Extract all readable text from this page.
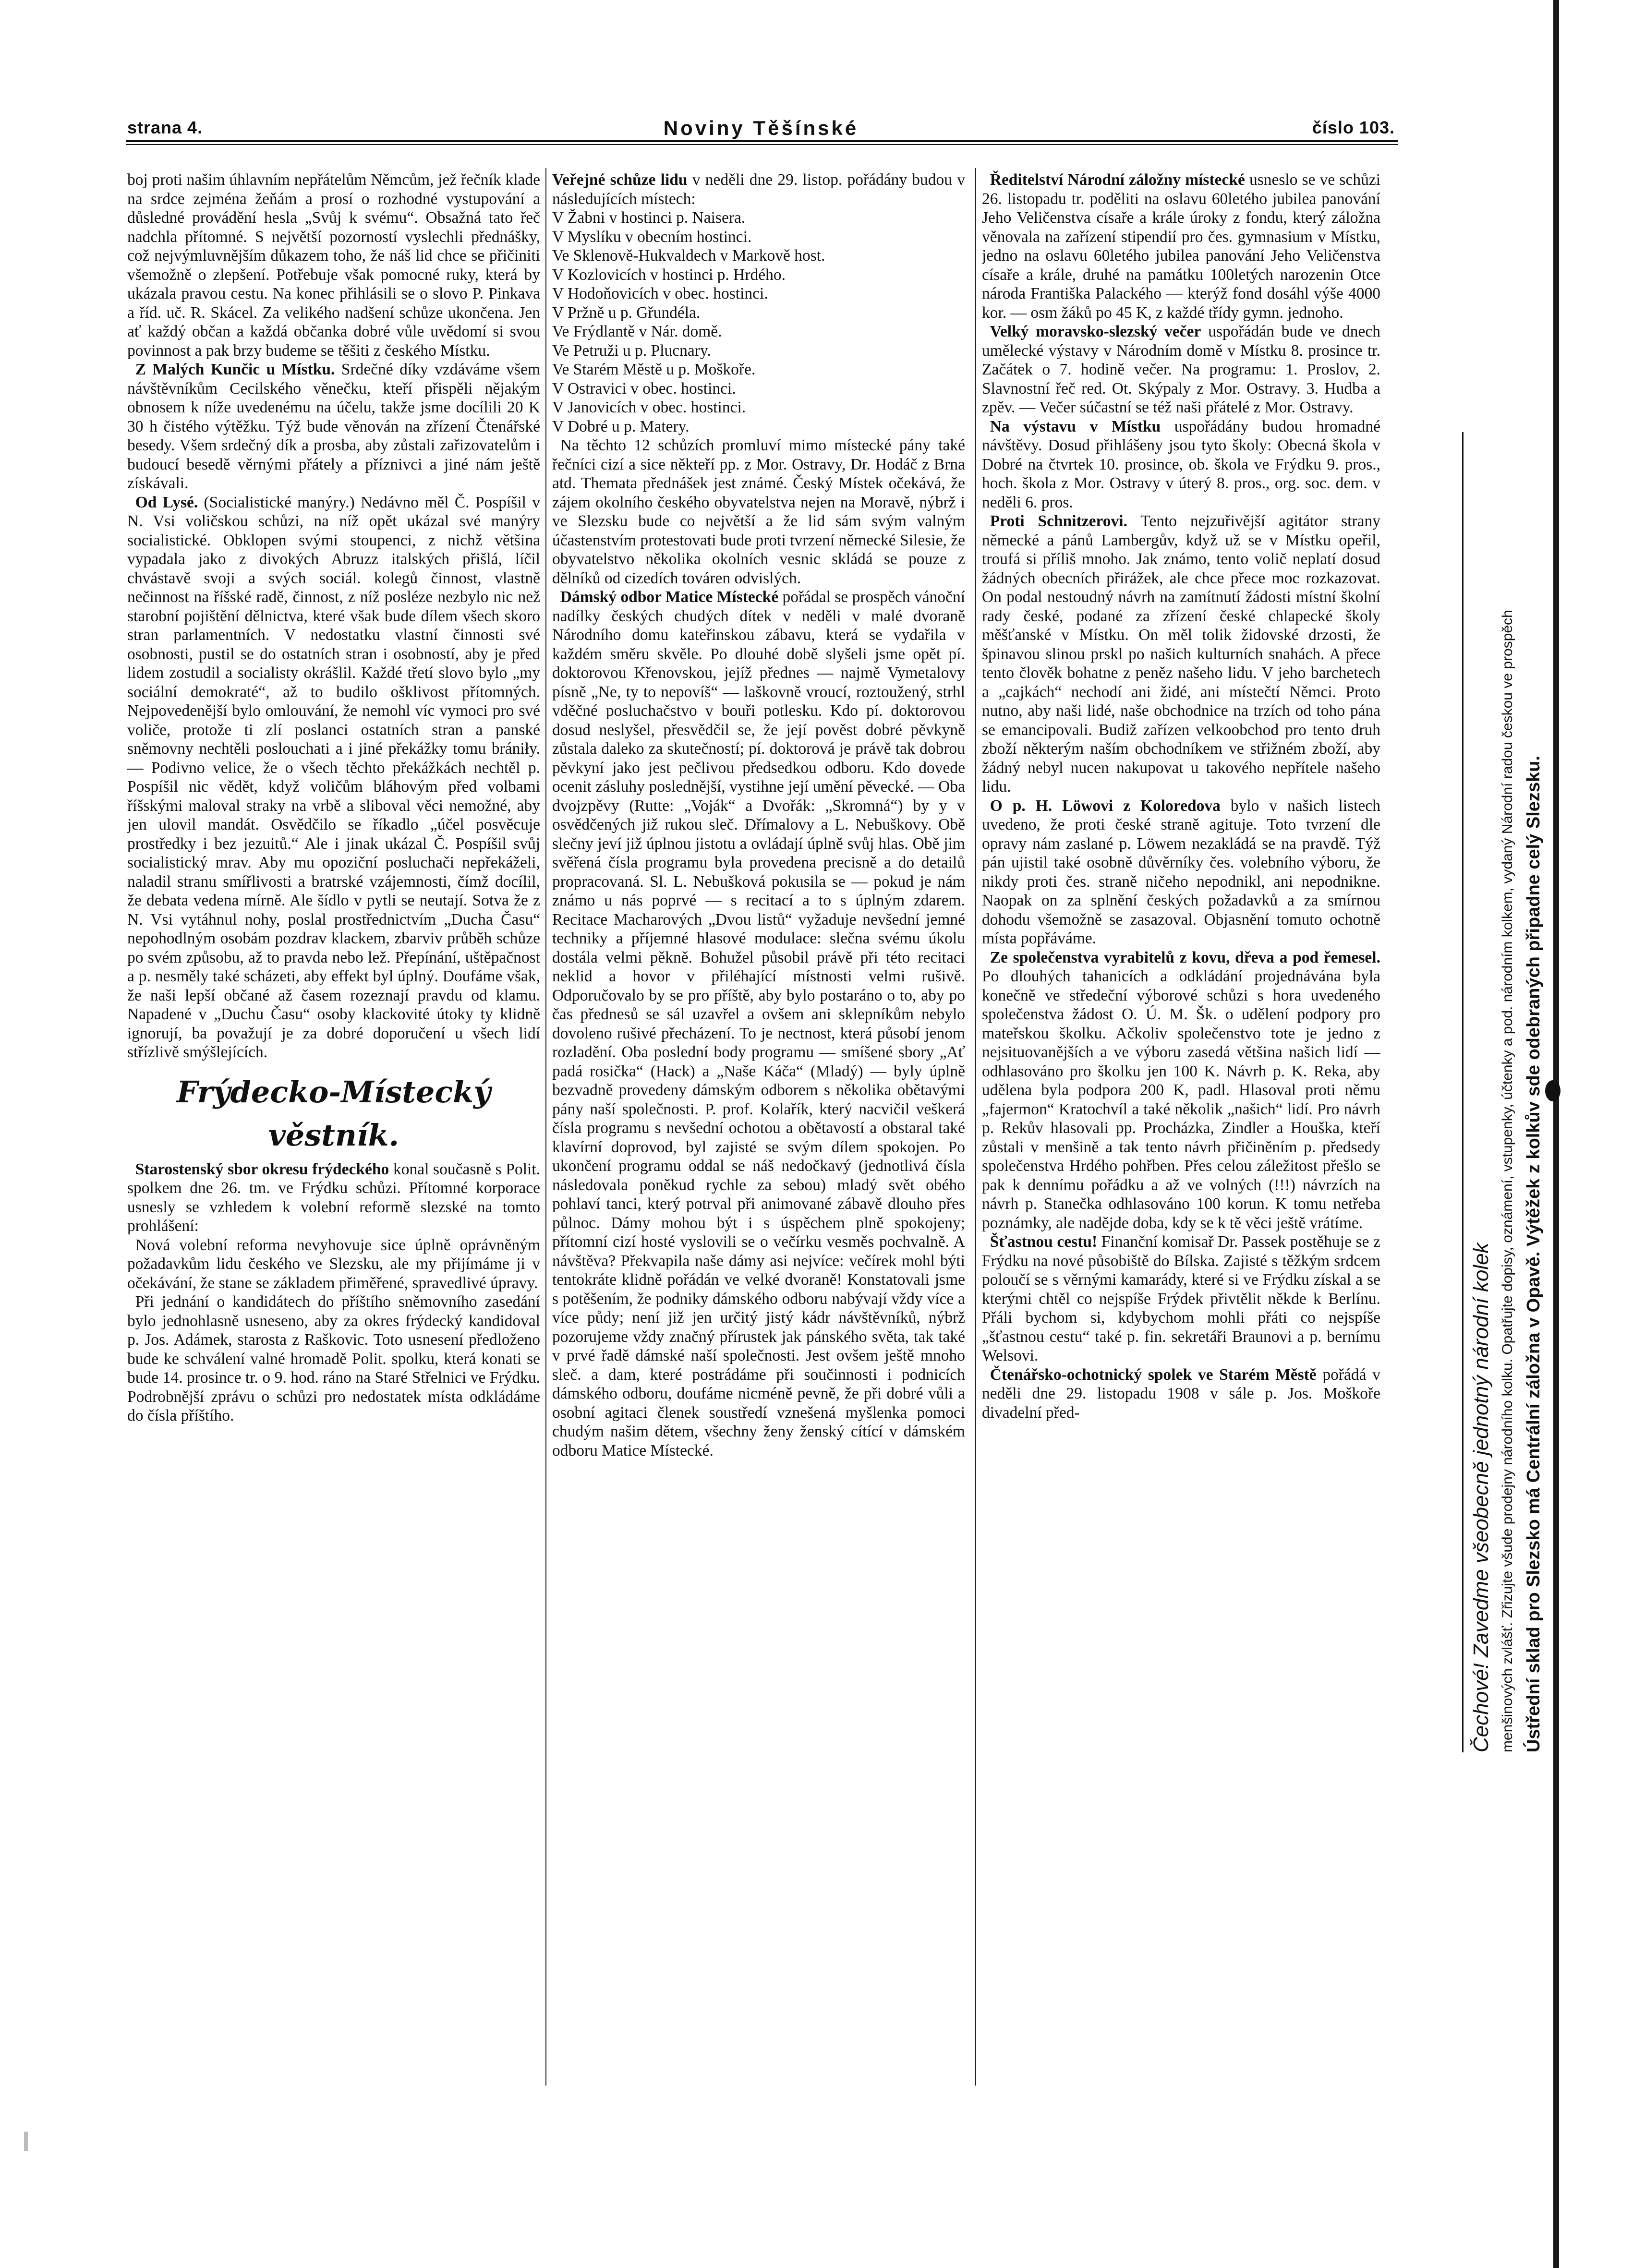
strana 4.	Noviny Těšínské	číslo 103.

boj proti našim úhlavním nepřátelům Němcům, jež řečník klade na srdce zejména žeňám a prosí o rozhodné vystupování a důsledné provádění hesla „Svůj k svému“. Obsažná tato řeč nadchla přítomné. S největší pozorností vyslechli přednášky, což nejvýmluvnějším důkazem toho, že náš lid chce se přičiniti všemožně o zlepšení. Potřebuje však pomocné ruky, která by ukázala pravou cestu. Na konec přihlásili se o slovo P. Pinkava a říd. uč. R. Skácel. Za velikého nadšení schůze ukončena. Jen ať každý občan a každá občanka dobré vůle uvědomí si svou povinnost a pak brzy budeme se těšiti z českého Místku.

Z Malých Kunčic u Místku. Srdečné díky vzdáváme všem návštěvníkům Cecilského věnečku, kteří přispěli nějakým obnosem k níže uvedenému na účelu, takže jsme docílili 20 K 30 h čistého výtěžku. Týž bude věnován na zřízení Čtenářské besedy. Všem srdečný dík a prosba, aby zůstali zařizovatelům i budoucí besedě věrnými přátely a příznivci a jiné nám ještě získávali.

Od Lysé. (Socialistické manýry.) Nedávno měl Č. Pospíšil v N. Vsi voličskou schůzi, na níž opět ukázal své manýry socialistické. Obklopen svými stoupenci, z nichž většina vypadala jako z divokých Abruzz italských přišlá, líčil chvástavě svoji a svých sociál. kolegů činnost, vlastně nečinnost na říšské radě, činnost, z níž posléze nezbylo nic než starobní pojištění dělnictva, které však bude dílem všech skoro stran parlamentních. V nedostatku vlastní činnosti své osobnosti, pustil se do ostatních stran i osobností, aby je před lidem zostudil a socialisty okrášlil. Každé třetí slovo bylo „my sociální demokraté“, až to budilo ošklivost přítomných. Nejpovedenější bylo omlouvání, že nemohl víc vymoci pro své voliče, protože ti zlí poslanci ostatních stran a panské sněmovny nechtěli poslouchati a i jiné překážky tomu brániły. — Podivno velice, že o všech těchto překážkách nechtěl p. Pospíšil nic vědět, když voličům bláhovým před volbami říšskými maloval straky na vrbě a sliboval věci nemožné, aby jen ulovil mandát. Osvědčilo se říkadlo „účel posvěcuje prostředky i bez jezuitů.“ Ale i jinak ukázal Č. Pospíšil svůj socialistický mrav. Aby mu opoziční posluchači nepřekáželi, naladil stranu smířlivosti a bratrské vzájemnosti, čímž docílil, že debata vedena mírně. Ale šídlo v pytli se neutají. Sotva že z N. Vsi vytáhnul nohy, poslal prostřednictvím „Ducha Času“ nepohodlným osobám pozdrav klackem, zbarviv průběh schůze po svém způsobu, až to pravda nebo lež. Přepínání, uštěpačnost a p. nesměly také scházeti, aby effekt byl úplný. Doufáme však, že naši lepší občané až časem rozeznají pravdu od klamu. Napadené v „Duchu Času“ osoby klackovité útoky ty klidně ignorují, ba považují je za dobré doporučení u všech lidí střízlivě smýšlejících.

Frýdecko-Místecký věstník.

Starostenský sbor okresu frýdeckého konal současně s Polit. spolkem dne 26. tm. ve Frýdku schůzi. Přítomné korporace usnesly se vzhledem k volební reformě slezské na tomto prohlášení:

Nová volební reforma nevyhovuje sice úplně oprávněným požadavkům lidu českého ve Slezsku, ale my přijímáme ji v očekávání, že stane se základem přiměřené, spravedlivé úpravy.

Při jednání o kandidátech do příštího sněmovního zasedání bylo jednohlasně usneseno, aby za okres frýdecký kandidoval p. Jos. Adámek, starosta z Raškovic. Toto usnesení předloženo bude ke schválení valné hromadě Polit. spolku, která konati se bude 14. prosince tr. o 9. hod. ráno na Staré Střelnici ve Frýdku. Podrobnější zprávu o schůzi pro nedostatek místa odkládáme do čísla příštího.

Veřejné schůze lidu v neděli dne 29. listop. pořádány budou v následujících místech:

V Žabni v hostinci p. Naisera.

V Myslíku v obecním hostinci.

Ve Sklenově-Hukvaldech v Markově host.

V Kozlovicích v hostinci p. Hrdého.

V Hodoňovicích v obec. hostinci.

V Pržně u p. Gřundéla.

Ve Frýdlantě v Nár. domě.

Ve Petruži u p. Plucnary.

Ve Starém Městě u p. Moškoře.

V Ostravici v obec. hostinci.

V Janovicích v obec. hostinci.

V Dobré u p. Matery.

Na těchto 12 schůzích promluví mimo místecké pány také řečníci cizí a sice někteří pp. z Mor. Ostravy, Dr. Hodáč z Brna atd. Themata přednášek jest známé. Český Místek očekává, že zájem okolního českého obyvatelstva nejen na Moravě, nýbrž i ve Slezsku bude co největší a že lid sám svým valným účastenstvím protestovati bude proti tvrzení německé Silesie, že obyvatelstvo několika okolních vesnic skládá se pouze z dělníků od cizedích továren odvislých.

Dámský odbor Matice Místecké pořádal se prospěch vánoční nadílky českých chudých dítek v neděli v malé dvoraně Národního domu kateřinskou zábavu, která se vydařila v každém směru skvěle. Po dlouhé době slyšeli jsme opět pí. doktorovou Křenovskou, jejíž přednes — najmě Vymetalovy písně „Ne, ty to nepovíš“ — laškovně vroucí, roztoužený, strhl vděčné posluchačstvo v bouři potlesku. Kdo pí. doktorovou dosud neslyšel, přesvědčil se, že její pověst dobré pěvkyně zůstala daleko za skutečností; pí. doktorová je právě tak dobrou pěvkyní jako jest pečlivou předsedkou odboru. Kdo dovede ocenit zásluhy poslednější, vystihne její umění pěvecké. — Oba dvojzpěvy (Rutte: „Voják“ a Dvořák: „Skromná“) by y v osvědčených již rukou sleč. Dřímalovy a L. Nebuškovy. Obě slečny jeví již úplnou jistotu a ovládají úplně svůj hlas. Obě jim svěřená čísla programu byla provedena precisně a do detailů propracovaná. Sl. L. Nebušková pokusila se — pokud je nám známo u nás poprvé — s recitací a to s úplným zdarem. Recitace Macharových „Dvou listů“ vyžaduje nevšední jemné techniky a příjemné hlasové modulace: slečna svému úkolu dostála velmi pěkně. Bohužel působil právě při této recitaci neklid a hovor v přiléhající místnosti velmi rušivě. Odporučovalo by se pro příště, aby bylo postaráno o to, aby po čas přednesů se sál uzavřel a ovšem ani sklepníkům nebylo dovoleno rušivé přecházení. To je nectnost, která působí jenom rozladění. Oba poslední body programu — smíšené sbory „Ať padá rosička“ (Hack) a „Naše Káča“ (Mladý) — byly úplně bezvadně provedeny dámským odborem s několika obětavými pány naší společnosti. P. prof. Kolařík, který nacvičil veškerá čísla programu s nevšední ochotou a obětavostí a obstaral také klavírní doprovod, byl zajisté se svým dílem spokojen. Po ukončení programu oddal se náš nedočkavý (jednotlivá čísla následovala poněkud rychle za sebou) mladý svět obého pohlaví tanci, který potrval při animované zábavě dlouho přes půlnoc. Dámy mohou být i s úspěchem plně spokojeny; přítomní cizí hosté vyslovili se o večírku vesměs pochvalně. A návštěva? Překvapila naše dámy asi nejvíce: večírek mohl býti tentokráte klidně pořádán ve velké dvoraně! Konstatovali jsme s potěšením, že podniky dámského odboru nabývají vždy více a více půdy; není již jen určitý jistý kádr návštěvníků, nýbrž pozorujeme vždy značný přírustek jak pánského světa, tak také v prvé řadě dámské naší společnosti. Jest ovšem ještě mnoho sleč. a dam, které postrádáme při součinnosti i podnicích dámského odboru, doufáme nicméně pevně, že při dobré vůli a osobní agitaci členek soustředí vznešená myšlenka pomoci chudým našim dětem, všechny ženy ženský cítící v dámském odboru Matice Místecké.

Ředitelství Národní záložny místecké usneslo se ve schůzi 26. listopadu tr. poděliti na oslavu 60letého jubilea panování Jeho Veličenstva císaře a krále úroky z fondu, který záložna věnovala na zařízení stipendií pro čes. gymnasium v Místku, jedno na oslavu 60letého jubilea panování Jeho Veličenstva císaře a krále, druhé na památku 100letých narozenin Otce národa Františka Palackého — kterýž fond dosáhl výše 4000 kor. — osm žáků po 45 K, z každé třídy gymn. jednoho.

Velký moravsko-slezský večer uspořádán bude ve dnech umělecké výstavy v Národním domě v Místku 8. prosince tr. Začátek o 7. hodině večer. Na programu: 1. Proslov, 2. Slavnostní řeč red. Ot. Skýpaly z Mor. Ostravy. 3. Hudba a zpěv. — Večer súčastní se též naši přátelé z Mor. Ostravy.

Na výstavu v Místku uspořádány budou hromadné návštěvy. Dosud přihlášeny jsou tyto školy: Obecná škola v Dobré na čtvrtek 10. prosince, ob. škola ve Frýdku 9. pros., hoch. škola z Mor. Ostravy v úterý 8. pros., org. soc. dem. v neděli 6. pros.

Proti Schnitzerovi. Tento nejzuřivější agitátor strany německé a pánů Lambergův, když už se v Místku opeřil, troufá si příliš mnoho. Jak známo, tento volič neplatí dosud žádných obecních přirážek, ale chce přece moc rozkazovat. On podal nestoudný návrh na zamítnutí žádosti místní školní rady české, podané za zřízení české chlapecké školy měšťanské v Místku. On měl tolik židovské drzosti, že špinavou slinou prskl po našich kulturních snahách. A přece tento člověk bohatne z peněz našeho lidu. V jeho barchetech a „cajkách“ nechodí ani židé, ani místečtí Němci. Proto nutno, aby naši lidé, naše obchodnice na trzích od toho pána se emancipovali. Budiž zařízen velkoobchod pro tento druh zboží některým naším obchodníkem ve střižném zboží, aby žádný nebyl nucen nakupovat u takového nepřítele našeho lidu.

O p. H. Löwovi z Koloredova bylo v našich listech uvedeno, že proti české straně agituje. Toto tvrzení dle opravy nám zaslané p. Löwem nezakládá se na pravdě. Týž pán ujistil také osobně důvěrníky čes. volebního výboru, že nikdy proti čes. straně ničeho nepodnikl, ani nepodnikne. Naopak on za splnění českých požadavků a za smírnou dohodu všemožně se zasazoval. Objasnění tomuto ochotně místa popřáváme.

Ze společenstva vyrabitelů z kovu, dřeva a pod řemesel. Po dlouhých tahanicích a odkládání projednávána byla konečně ve středeční výborové schůzi s hora uvedeného společenstva žádost O. Ú. M. Šk. o udělení podpory pro mateřskou školku. Ačkoliv společenstvo tote je jedno z nejsituovanějších a ve výboru zasedá většina našich lidí — odhlasováno pro školku jen 100 K. Návrh p. K. Reka, aby udělena byla podpora 200 K, padl. Hlasoval proti němu „fajermon“ Kratochvíl a také několik „našich“ lidí. Pro návrh p. Rekův hlasovali pp. Procházka, Zindler a Houška, kteří zůstali v menšině a tak tento návrh přičiněním p. předsedy společenstva Hrdého pohřben. Přes celou záležitost přešlo se pak k dennímu pořádku a až ve volných (!!!) návrzích na návrh p. Stanečka odhlasováno 100 korun. K tomu netřeba poznámky, ale nadějde doba, kdy se k tě věci ještě vrátíme.

Šťastnou cestu! Finanční komisař Dr. Passek postěhuje se z Frýdku na nové působiště do Bílska. Zajisté s těžkým srdcem poloučí se s věrnými kamarády, které si ve Frýdku získal a se kterými chtěl co nejspíše Frýdek přivtělit někde k Berlínu. Přáli bychom si, kdybychom mohli přáti co nejspíše „šťastnou cestu“ také p. fin. sekretáři Braunovi a p. bernímu Welsovi.

Čtenářsko-ochotnický spolek ve Starém Městě pořádá v neděli dne 29. listopadu 1908 v sále p. Jos. Moškoře divadelní před-	Čechové! Zavedme všeobecně jednotný národní kolek menšinových zvlášť. Zřizujte všude prodejny národního kolku. Opatřujte dopisy, oznámení, vstupenky, účtenky a pod. národním kolkem, vydaný Národní radou českou ve prospěch Ústřední sklad pro Slezsko má Centrální záložna v Opavě. Výtěžek z kolkův sde odebraných připadne celý Slezsku.
